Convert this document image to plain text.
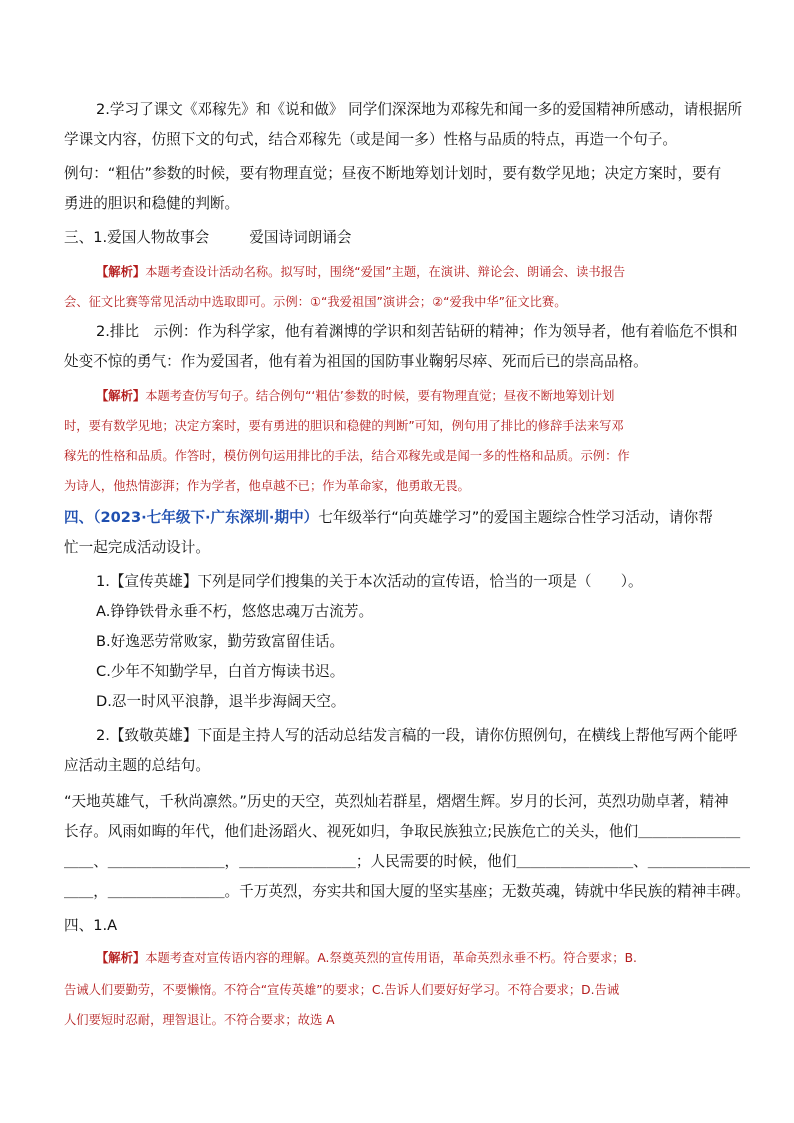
2.学习了课文《邓稼先》和《说和做》 同学们深深地为邓稼先和闻一多的爱国精神所感动，请根据所
学课文内容，仿照下文的句式，结合邓稼先（或是闻一多）性格与品质的特点，再造一个句子。
例句：“粗估”参数的时候，要有物理直觉；昼夜不断地筹划计划时，要有数学见地；决定方案时，要有
勇进的胆识和稳健的判断。
三、1.爱国人物故事会	爱国诗词朗诵会
【解析】本题考查设计活动名称。拟写时，围绕“爱国”主题，在演讲、辩论会、朗诵会、读书报告
会、征文比赛等常见活动中选取即可。示例：①“我爱祖国”演讲会；②“爱我中华”征文比赛。
2.排比　示例：作为科学家，他有着渊博的学识和刻苦钻研的精神；作为领导者，他有着临危不惧和
处变不惊的勇气：作为爱国者，他有着为祖国的国防事业鞠躬尽瘁、死而后已的崇高品格。
【解析】本题考查仿写句子。结合例句“‘粗估’参数的时候，要有物理直觉；昼夜不断地筹划计划
时，要有数学见地；决定方案时，要有勇进的胆识和稳健的判断”可知，例句用了排比的修辞手法来写邓
稼先的性格和品质。作答时，模仿例句运用排比的手法，结合邓稼先或是闻一多的性格和品质。示例：作
为诗人，他热情澎湃；作为学者，他卓越不已；作为革命家，他勇敢无畏。
四、（2023·七年级下·广东深圳·期中）七年级举行“向英雄学习”的爱国主题综合性学习活动，请你帮
忙一起完成活动设计。
1.【宣传英雄】下列是同学们搜集的关于本次活动的宣传语，恰当的一项是（　　）。
A.铮铮铁骨永垂不朽，悠悠忠魂万古流芳。
B.好逸恶劳常败家，勤劳致富留佳话。
C.少年不知勤学早，白首方悔读书迟。
D.忍一时风平浪静，退半步海阔天空。
2.【致敬英雄】下面是主持人写的活动总结发言稿的一段，请你仿照例句，在横线上帮他写两个能呼
应活动主题的总结句。
“天地英雄气，千秋尚凛然。”历史的天空，英烈灿若群星，熠熠生辉。岁月的长河，英烈功勋卓著，精神
长存。风雨如晦的年代，他们赴汤蹈火、视死如归，争取民族独立;民族危亡的关头，他们＿＿＿＿＿＿＿
＿＿、＿＿＿＿＿＿＿＿，＿＿＿＿＿＿＿＿；人民需要的时候，他们＿＿＿＿＿＿＿＿、＿＿＿＿＿＿＿
＿＿，＿＿＿＿＿＿＿＿。千万英烈，夯实共和国大厦的坚实基座；无数英魂，铸就中华民族的精神丰碑。
四、1.A
【解析】本题考查对宣传语内容的理解。A.祭奠英烈的宣传用语，革命英烈永垂不朽。符合要求；B.
告诫人们要勤劳，不要懒惰。不符合“宣传英雄”的要求；C.告诉人们要好好学习。不符合要求；D.告诫
人们要短时忍耐，理智退让。不符合要求；故选 A
